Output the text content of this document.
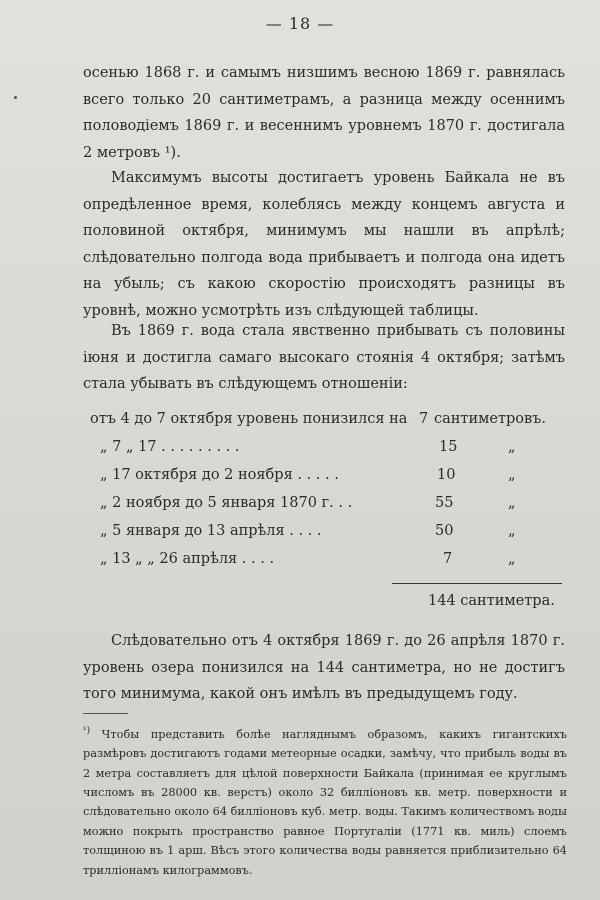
— 18 —
осенью 1868 г. и самымъ низшимъ весною 1869 г. равнялась всего только 20 сантиметрамъ, а разница между осеннимъ половодіемъ 1869 г. и весеннимъ уровнемъ 1870 г. достигала 2 метровъ ¹).
Максимумъ высоты достигаетъ уровень Байкала не въ опредѣленное время, колеблясь между концемъ августа и половиной октября, минимумъ мы нашли въ апрѣлѣ; слѣдовательно полгода вода прибываетъ и полгода она идетъ на убыль; съ какою скоростію происходятъ разницы въ уровнѣ, можно усмотрѣть изъ слѣдующей таблицы.
Въ 1869 г. вода стала явственно прибывать съ половины іюня и достигла самаго высокаго стоянія 4 октября; затѣмъ стала убывать въ слѣдующемъ отношеніи:
отъ 4 до 7 октября уровень понизился на 7 сантиметровъ.
„ 7 „ 17 . . . . . . . . .	15	„
„ 17 октября до 2 ноября . . . . .	10	„
„ 2 ноября до 5 января 1870 г. . .	55	„
„ 5 января до 13 апрѣля . . . .	50	„
„ 13 „ „ 26 апрѣля . . . .	7	„
144 сантиметра.
Слѣдовательно отъ 4 октября 1869 г. до 26 апрѣля 1870 г. уровень озера понизился на 144 сантиметра, но не достигъ того минимума, какой онъ имѣлъ въ предыдущемъ году.
$^{^1)}$ Чтобы представить болѣе нагляднымъ образомъ, какихъ гигантскихъ размѣровъ достигаютъ годами метеорные осадки, замѣчу, что прибыль воды въ 2 метра составляетъ для цѣлой поверхности Байкала (принимая ее круглымъ числомъ въ 28000 кв. верстъ) около 32 билліоновъ кв. метр. поверхности и слѣдовательно около 64 билліоновъ куб. метр. воды. Такимъ количествомъ воды можно покрыть пространство равное Португаліи (1771 кв. миль) слоемъ толщиною въ 1 арш. Вѣсъ этого количества воды равняется приблизительно 64 трилліонамъ килограммовъ.
